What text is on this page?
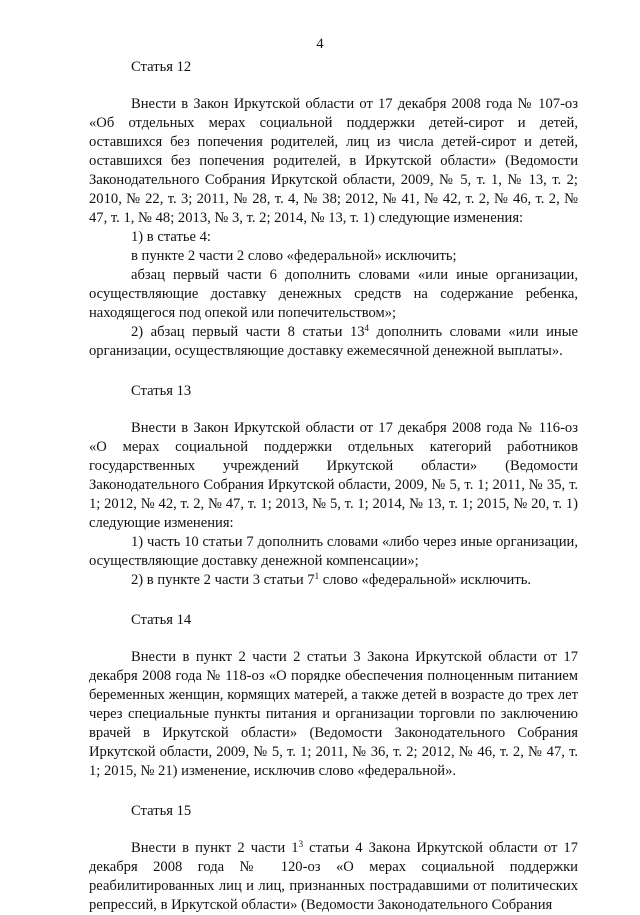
4

Статья 12

Внести в Закон Иркутской области от 17 декабря 2008 года № 107-оз «Об отдельных мерах социальной поддержки детей-сирот и детей, оставшихся без попечения родителей, лиц из числа детей-сирот и детей, оставшихся без попечения родителей, в Иркутской области» (Ведомости Законодательного Собрания Иркутской области, 2009, № 5, т. 1, № 13, т. 2; 2010, № 22, т. 3; 2011, № 28, т. 4, № 38; 2012, № 41, № 42, т. 2, № 46, т. 2, № 47, т. 1, № 48; 2013, № 3, т. 2; 2014, № 13, т. 1) следующие изменения:

1) в статье 4:

в пункте 2 части 2 слово «федеральной» исключить;

абзац первый части 6 дополнить словами «или иные организации, осуществляющие доставку денежных средств на содержание ребенка, находящегося под опекой или попечительством»;

2) абзац первый части 8 статьи $13^4$ дополнить словами «или иные организации, осуществляющие доставку ежемесячной денежной выплаты».

Статья 13

Внести в Закон Иркутской области от 17 декабря 2008 года № 116-оз «О мерах социальной поддержки отдельных категорий работников государственных учреждений Иркутской области» (Ведомости Законодательного Собрания Иркутской области, 2009, № 5, т. 1; 2011, № 35, т. 1; 2012, № 42, т. 2, № 47, т. 1; 2013, № 5, т. 1; 2014, № 13, т. 1; 2015, № 20, т. 1) следующие изменения:

1) часть 10 статьи 7 дополнить словами «либо через иные организации, осуществляющие доставку денежной компенсации»;

2) в пункте 2 части 3 статьи $7^1$ слово «федеральной» исключить.

Статья 14

Внести в пункт 2 части 2 статьи 3 Закона Иркутской области от 17 декабря 2008 года № 118-оз «О порядке обеспечения полноценным питанием беременных женщин, кормящих матерей, а также детей в возрасте до трех лет через специальные пункты питания и организации торговли по заключению врачей в Иркутской области» (Ведомости Законодательного Собрания Иркутской области, 2009, № 5, т. 1; 2011, № 36, т. 2; 2012, № 46, т. 2, № 47, т. 1; 2015, № 21) изменение, исключив слово «федеральной».

Статья 15

Внести в пункт 2 части $1^3$ статьи 4 Закона Иркутской области от 17 декабря 2008 года № 120-оз «О мерах социальной поддержки реабилитированных лиц и лиц, признанных пострадавшими от политических репрессий, в Иркутской области» (Ведомости Законодательного Собрания
